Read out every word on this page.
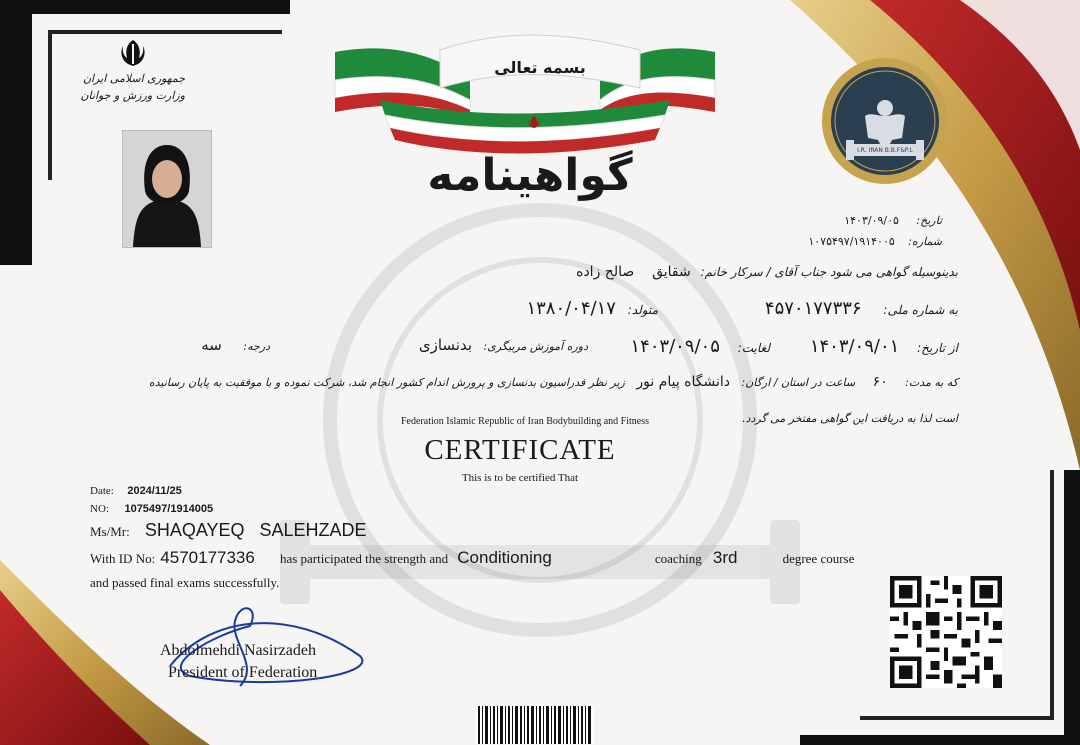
جمهوری اسلامی ایران
وزارت ورزش و جوانان
بسمه تعالی
گواهینامه	I.R. IRAN B.B.F&P.L
تاریخ: ۱۴۰۳/۰۹/۰۵
شماره: ۱۰۷۵۴۹۷/۱۹۱۴۰۰۵
بدینوسیله گواهی می شود جناب آقای / سرکار خانم: شقایق صالح زاده
به شماره ملی: ۴۵۷۰۱۷۷۳۳۶
متولد: ۱۳۸۰/۰۴/۱۷
از تاریخ: ۱۴۰۳/۰۹/۰۱
لغایت: ۱۴۰۳/۰۹/۰۵
دوره آموزش مربیگری: بدنسازی
درجه: سه
که به مدت: ۶۰ ساعت در استان / ارگان: دانشگاه پیام نور زیر نظر فدراسیون بدنسازی و پرورش اندام کشور انجام شد، شرکت نموده و با موفقیت به پایان رسانیده
است لذا به دریافت این گواهی مفتخر می گردد.
Federation Islamic Republic of Iran Bodybuilding and Fitness
CERTIFICATE
This is to be certified That
Date: 2024/11/25
NO: 1075497/1914005
Ms/Mr: SHAQAYEQ   SALEHZADE
With ID No: 4570177336 has participated the strength and Conditioning	coaching 3rd	degree course
and passed final exams successfully.
Abdolmehdi Nasirzadeh
President of Federation
